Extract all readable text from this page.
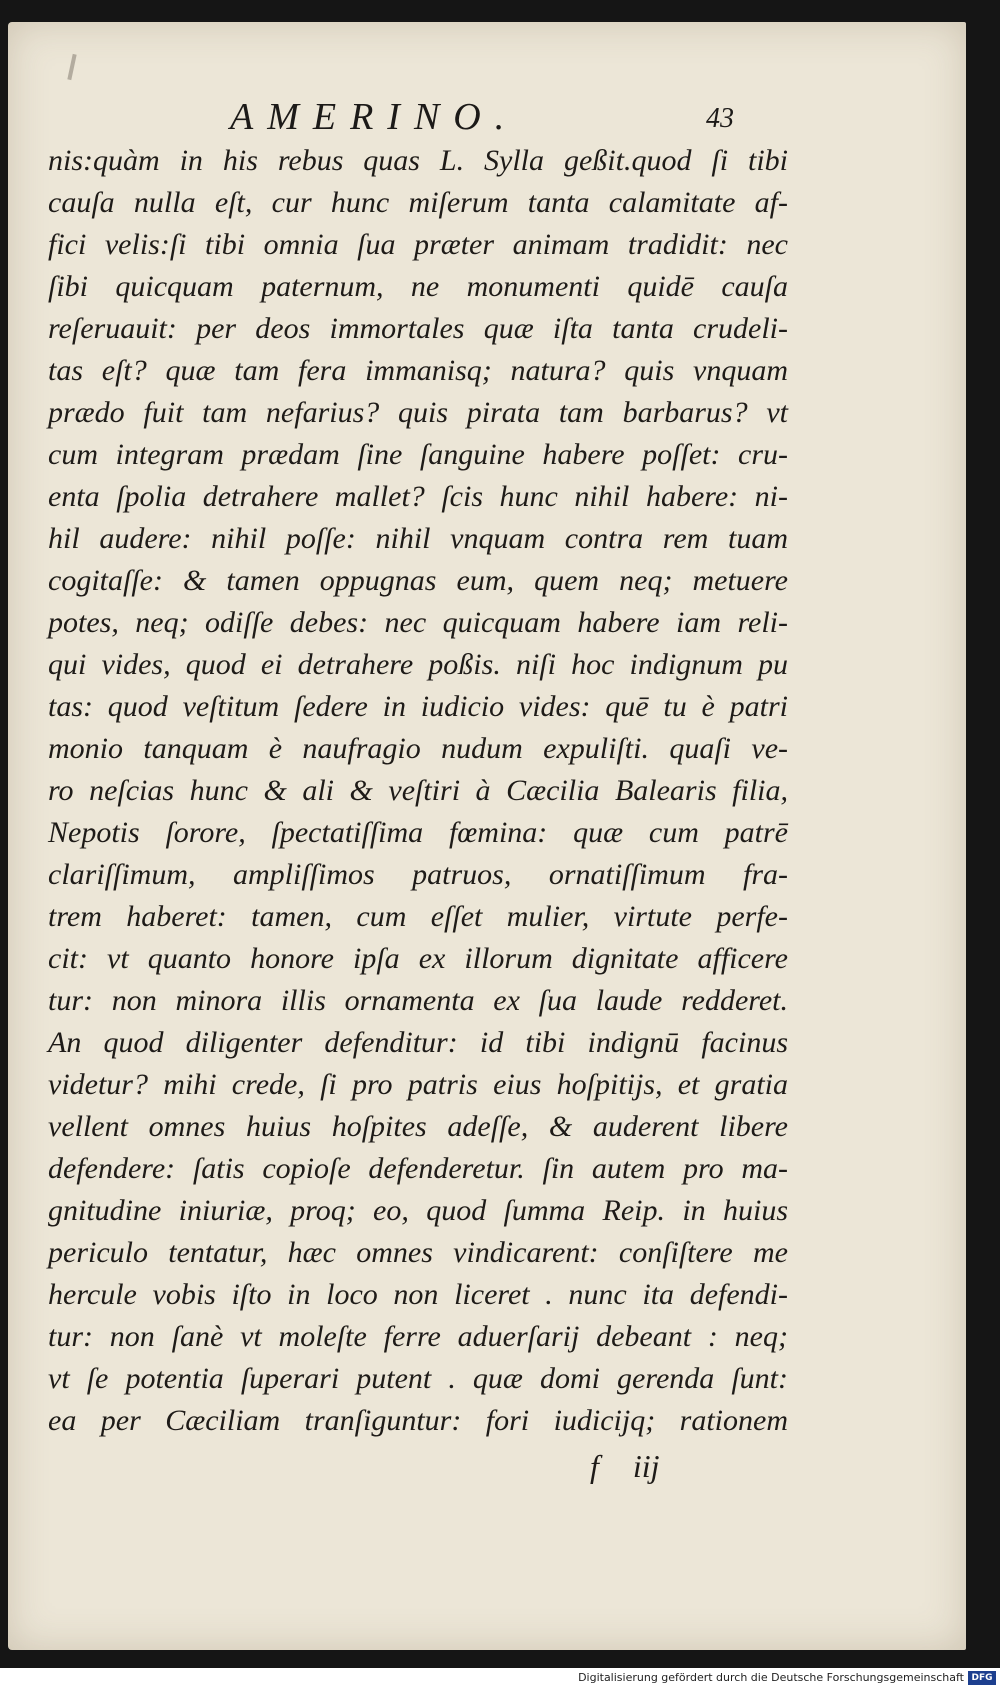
AMERINO.	43
nis:quàm in his rebus quas L. Sylla geßit.quod ſi tibi
cauſa nulla eſt, cur hunc miſerum tanta calamitate af-
fici velis:ſi tibi omnia ſua præter animam tradidit: nec
ſibi quicquam paternum, ne monumenti quidē cauſa
reſeruauit: per deos immortales quæ iſta tanta crudeli-
tas eſt? quæ tam fera immanisq; natura? quis vnquam
prædo fuit tam nefarius? quis pirata tam barbarus? vt
cum integram prædam ſine ſanguine habere poſſet: cru-
enta ſpolia detrahere mallet? ſcis hunc nihil habere: ni-
hil audere: nihil poſſe: nihil vnquam contra rem tuam
cogitaſſe: & tamen oppugnas eum, quem neq; metuere
potes, neq; odiſſe debes: nec quicquam habere iam reli-
qui vides, quod ei detrahere poßis. niſi hoc indignum pu
tas: quod veſtitum ſedere in iudicio vides: quē tu è patri
monio tanquam è naufragio nudum expuliſti. quaſi ve-
ro neſcias hunc & ali & veſtiri à Cæcilia Balearis filia,
Nepotis ſorore, ſpectatiſſima fœmina: quæ cum patrē
clariſſimum, ampliſſimos patruos, ornatiſſimum fra-
trem haberet: tamen, cum eſſet mulier, virtute perfe-
cit: vt quanto honore ipſa ex illorum dignitate afficere
tur: non minora illis ornamenta ex ſua laude redderet.
An quod diligenter defenditur: id tibi indignū facinus
videtur? mihi crede, ſi pro patris eius hoſpitijs, et gratia
vellent omnes huius hoſpites adeſſe, & auderent libere
defendere: ſatis copioſe defenderetur. ſin autem pro ma-
gnitudine iniuriæ, proq; eo, quod ſumma Reip. in huius
periculo tentatur, hæc omnes vindicarent: conſiſtere me
hercule vobis iſto in loco non liceret . nunc ita defendi-
tur: non ſanè vt moleſte ferre aduerſarij debeant : neq;
vt ſe potentia ſuperari putent . quæ domi gerenda ſunt:
ea per Cæciliam tranſiguntur: fori iudicijq; rationem
f iij
Digitalisierung gefördert durch die Deutsche Forschungsgemeinschaft DFG
